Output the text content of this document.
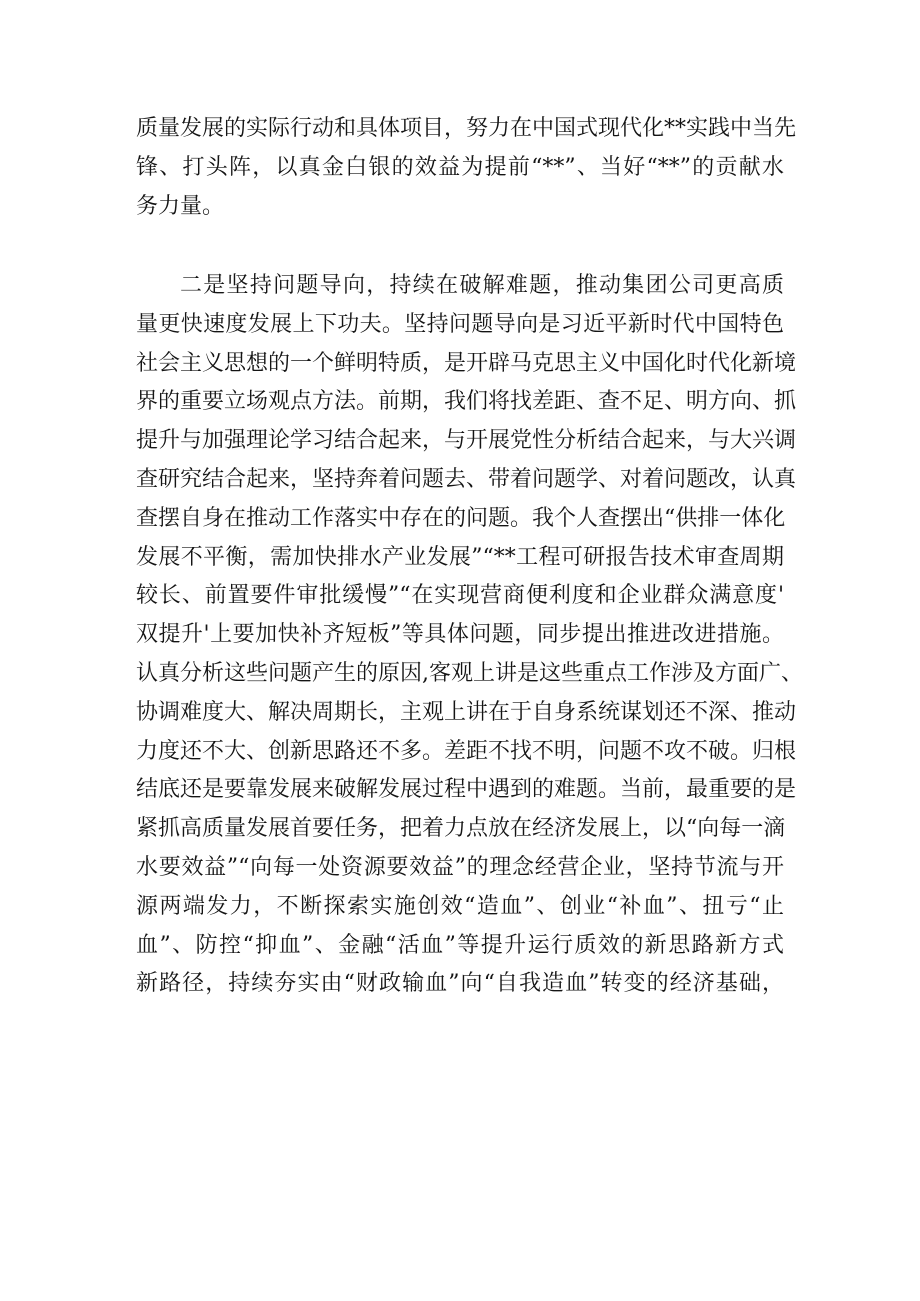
质量发展的实际行动和具体项目，努力在中国式现代化**实践中当先
锋、打头阵，以真金白银的效益为提前“**”、当好“**”的贡献水
务力量。
二是坚持问题导向，持续在破解难题，推动集团公司更高质
量更快速度发展上下功夫。坚持问题导向是习近平新时代中国特色
社会主义思想的一个鲜明特质，是开辟马克思主义中国化时代化新境
界的重要立场观点方法。前期，我们将找差距、查不足、明方向、抓
提升与加强理论学习结合起来，与开展党性分析结合起来，与大兴调
查研究结合起来，坚持奔着问题去、带着问题学、对着问题改，认真
查摆自身在推动工作落实中存在的问题。我个人查摆出“供排一体化
发展不平衡，需加快排水产业发展”“**工程可研报告技术审查周期
较长、前置要件审批缓慢”“在实现营商便利度和企业群众满意度'
双提升'上要加快补齐短板”等具体问题，同步提出推进改进措施。
认真分析这些问题产生的原因,客观上讲是这些重点工作涉及方面广、
协调难度大、解决周期长，主观上讲在于自身系统谋划还不深、推动
力度还不大、创新思路还不多。差距不找不明，问题不攻不破。归根
结底还是要靠发展来破解发展过程中遇到的难题。当前，最重要的是
紧抓高质量发展首要任务，把着力点放在经济发展上，以“向每一滴
水要效益”“向每一处资源要效益”的理念经营企业，坚持节流与开
源两端发力，不断探索实施创效“造血”、创业“补血”、扭亏“止
血”、防控“抑血”、金融“活血”等提升运行质效的新思路新方式
新路径，持续夯实由“财政输血”向“自我造血”转变的经济基础，
